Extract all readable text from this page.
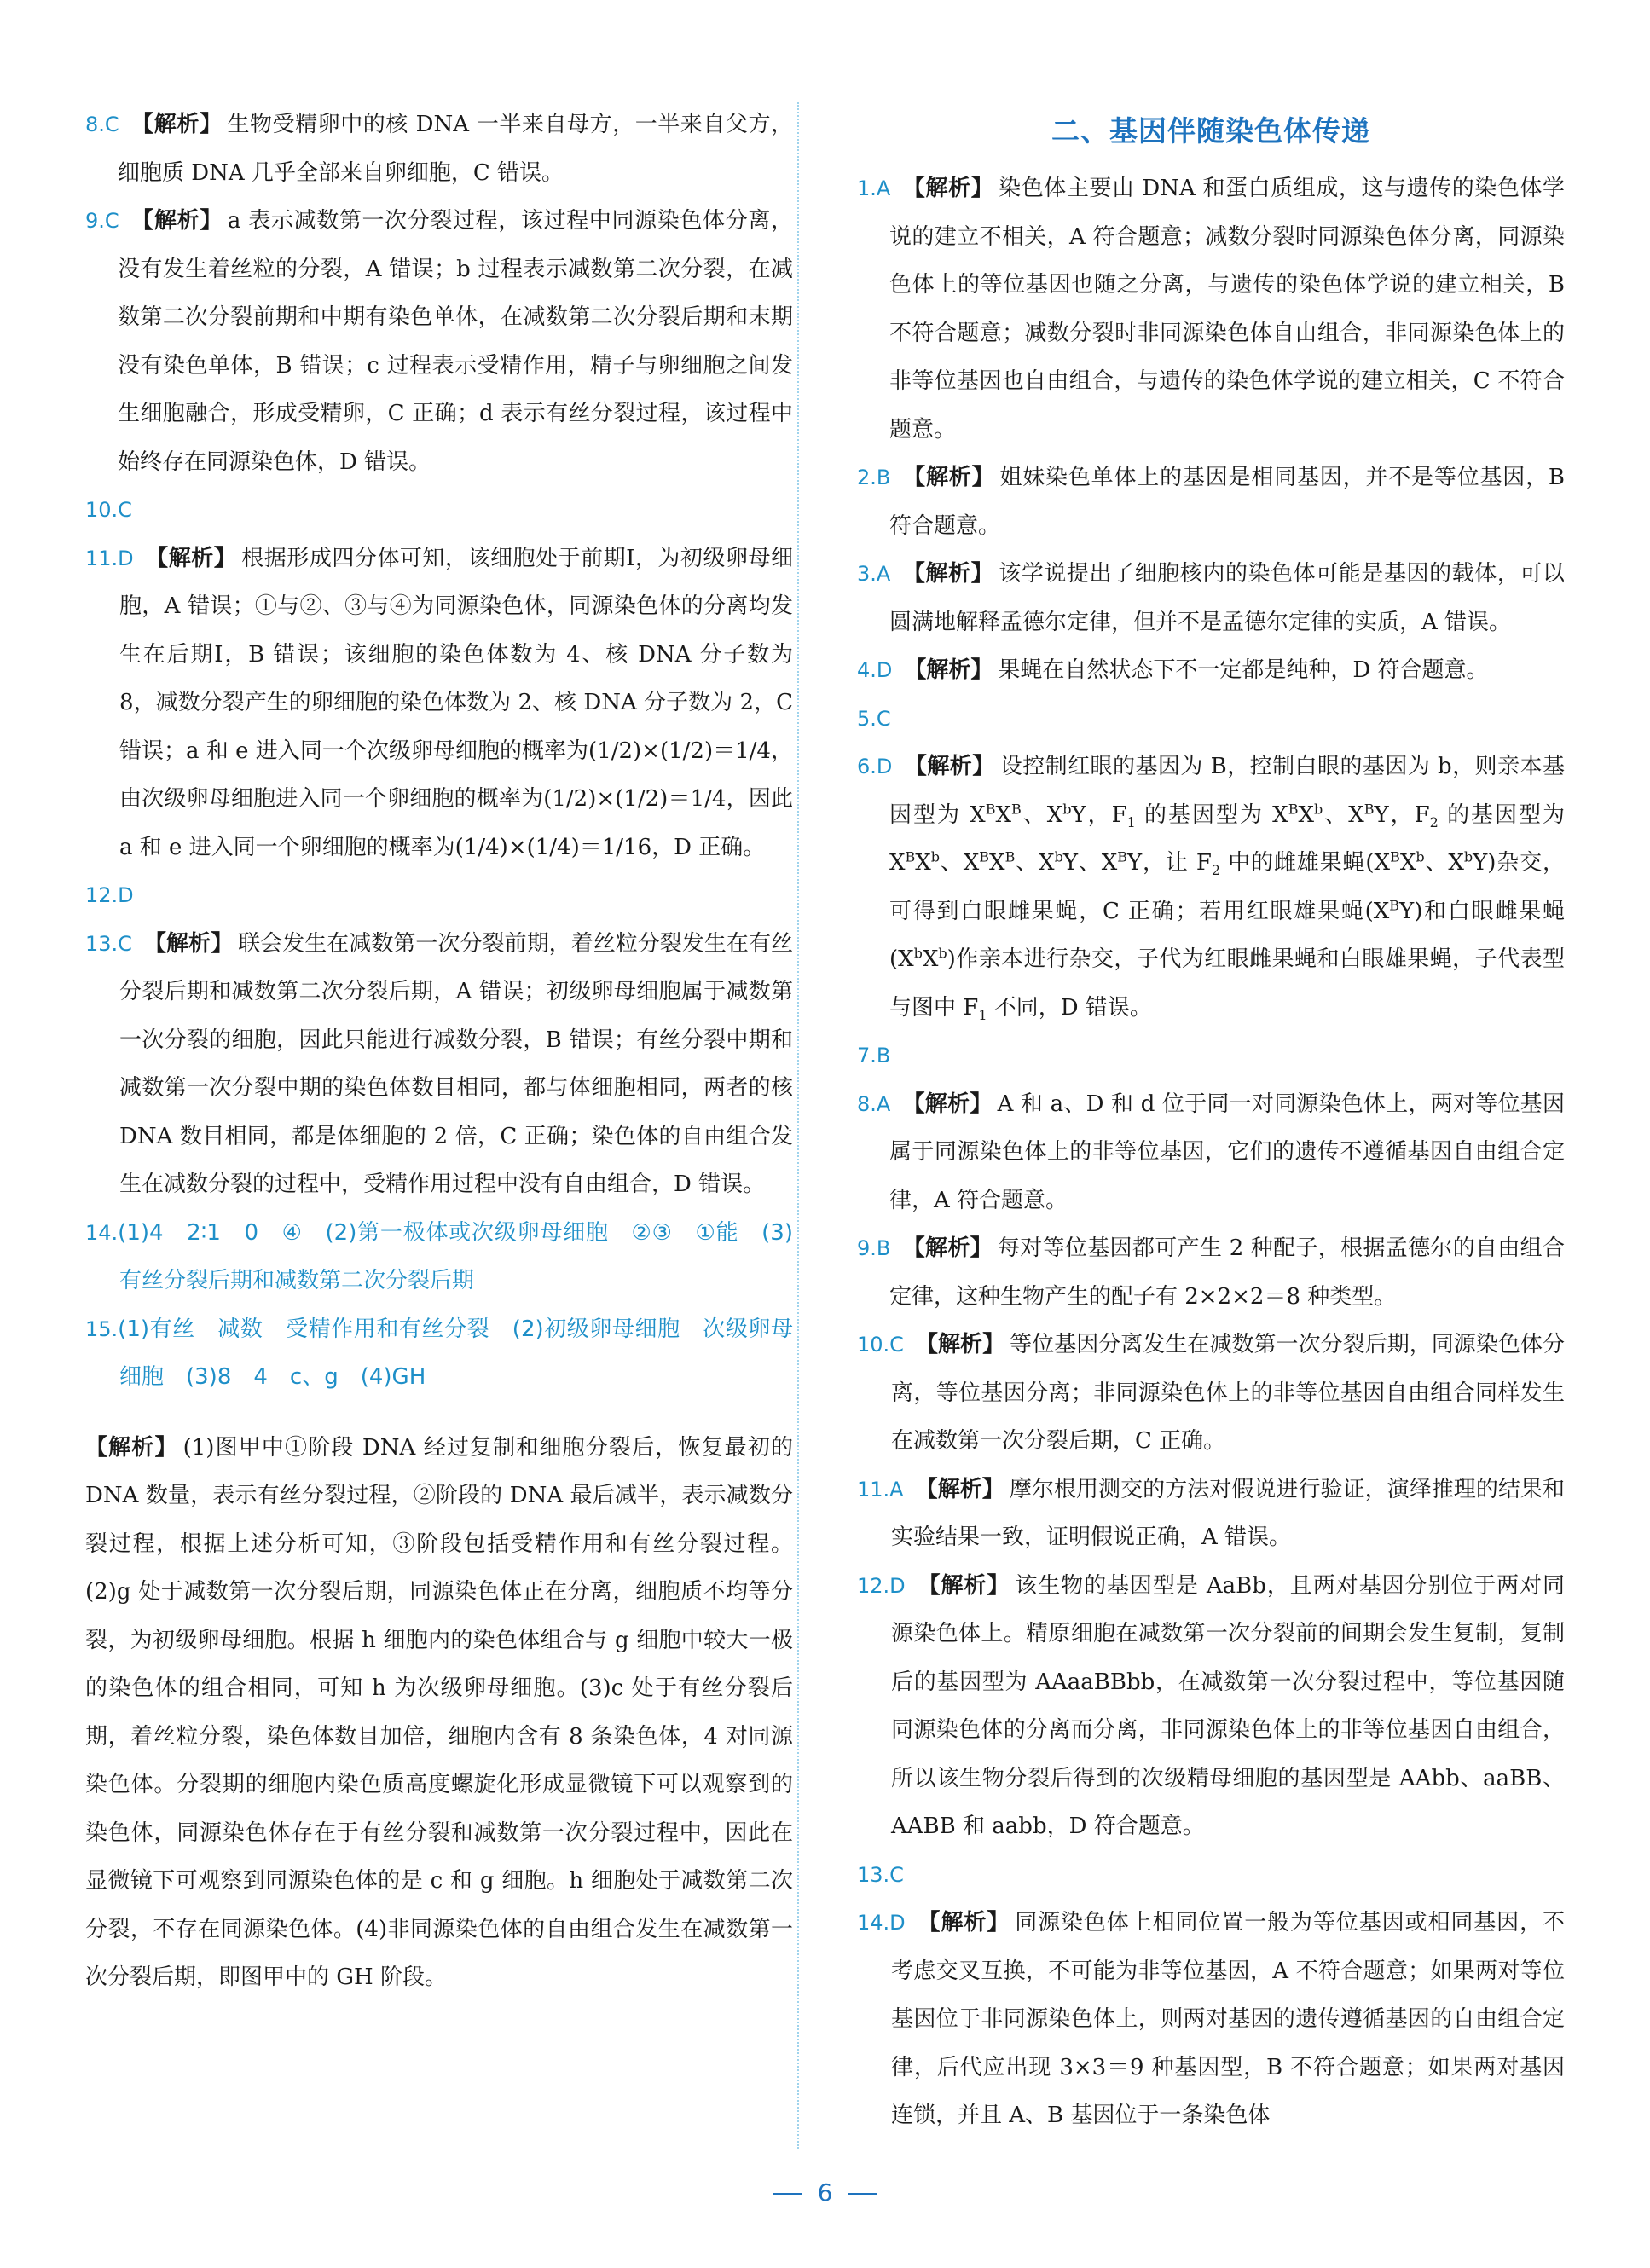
8.C 【解析】 生物受精卵中的核 DNA 一半来自母方，一半来自父方，细胞质 DNA 几乎全部来自卵细胞，C 错误。

9.C 【解析】 a 表示减数第一次分裂过程，该过程中同源染色体分离，没有发生着丝粒的分裂，A 错误；b 过程表示减数第二次分裂，在减数第二次分裂前期和中期有染色单体，在减数第二次分裂后期和末期没有染色单体，B 错误；c 过程表示受精作用，精子与卵细胞之间发生细胞融合，形成受精卵，C 正确；d 表示有丝分裂过程，该过程中始终存在同源染色体，D 错误。

10.C

11.D 【解析】 根据形成四分体可知，该细胞处于前期Ⅰ，为初级卵母细胞，A 错误；①与②、③与④为同源染色体，同源染色体的分离均发生在后期Ⅰ，B 错误；该细胞的染色体数为 4、核 DNA 分子数为 8，减数分裂产生的卵细胞的染色体数为 2、核 DNA 分子数为 2，C 错误；a 和 e 进入同一个次级卵母细胞的概率为(1/2)×(1/2)＝1/4，由次级卵母细胞进入同一个卵细胞的概率为(1/2)×(1/2)＝1/4，因此 a 和 e 进入同一个卵细胞的概率为(1/4)×(1/4)＝1/16，D 正确。

12.D

13.C 【解析】 联会发生在减数第一次分裂前期，着丝粒分裂发生在有丝分裂后期和减数第二次分裂后期，A 错误；初级卵母细胞属于减数第一次分裂的细胞，因此只能进行减数分裂，B 错误；有丝分裂中期和减数第一次分裂中期的染色体数目相同，都与体细胞相同，两者的核 DNA 数目相同，都是体细胞的 2 倍，C 正确；染色体的自由组合发生在减数分裂的过程中，受精作用过程中没有自由组合，D 错误。

14.(1)4　2∶1　0　④　(2)第一极体或次级卵母细胞　②③　①能　(3)有丝分裂后期和减数第二次分裂后期

15.(1)有丝　减数　受精作用和有丝分裂　(2)初级卵母细胞　次级卵母细胞　(3)8　4　c、g　(4)GH

【解析】 (1)图甲中①阶段 DNA 经过复制和细胞分裂后，恢复最初的 DNA 数量，表示有丝分裂过程，②阶段的 DNA 最后减半，表示减数分裂过程，根据上述分析可知，③阶段包括受精作用和有丝分裂过程。(2)g 处于减数第一次分裂后期，同源染色体正在分离，细胞质不均等分裂，为初级卵母细胞。根据 h 细胞内的染色体组合与 g 细胞中较大一极的染色体的组合相同，可知 h 为次级卵母细胞。(3)c 处于有丝分裂后期，着丝粒分裂，染色体数目加倍，细胞内含有 8 条染色体，4 对同源染色体。分裂期的细胞内染色质高度螺旋化形成显微镜下可以观察到的染色体，同源染色体存在于有丝分裂和减数第一次分裂过程中，因此在显微镜下可观察到同源染色体的是 c 和 g 细胞。h 细胞处于减数第二次分裂，不存在同源染色体。(4)非同源染色体的自由组合发生在减数第一次分裂后期，即图甲中的 GH 阶段。

二、基因伴随染色体传递

1.A 【解析】 染色体主要由 DNA 和蛋白质组成，这与遗传的染色体学说的建立不相关，A 符合题意；减数分裂时同源染色体分离，同源染色体上的等位基因也随之分离，与遗传的染色体学说的建立相关，B 不符合题意；减数分裂时非同源染色体自由组合，非同源染色体上的非等位基因也自由组合，与遗传的染色体学说的建立相关，C 不符合题意。

2.B 【解析】 姐妹染色单体上的基因是相同基因，并不是等位基因，B 符合题意。

3.A 【解析】 该学说提出了细胞核内的染色体可能是基因的载体，可以圆满地解释孟德尔定律，但并不是孟德尔定律的实质，A 错误。

4.D 【解析】 果蝇在自然状态下不一定都是纯种，D 符合题意。

5.C

6.D 【解析】 设控制红眼的基因为 B，控制白眼的基因为 b，则亲本基因型为 $X^BX^B$、$X^bY$，$F_1$ 的基因型为 $X^BX^b$、$X^BY$，$F_2$ 的基因型为 $X^BX^b$、$X^BX^B$、$X^bY$、$X^BY$，让 $F_2$ 中的雌雄果蝇($X^BX^b$、$X^bY$)杂交，可得到白眼雌果蝇，C 正确；若用红眼雄果蝇$(X^BY)$和白眼雌果蝇$(X^bX^b)$作亲本进行杂交，子代为红眼雌果蝇和白眼雄果蝇，子代表型与图中 $F_1$ 不同，D 错误。

7.B

8.A 【解析】 A 和 a、D 和 d 位于同一对同源染色体上，两对等位基因属于同源染色体上的非等位基因，它们的遗传不遵循基因自由组合定律，A 符合题意。

9.B 【解析】 每对等位基因都可产生 2 种配子，根据孟德尔的自由组合定律，这种生物产生的配子有 2×2×2＝8 种类型。

10.C 【解析】 等位基因分离发生在减数第一次分裂后期，同源染色体分离，等位基因分离；非同源染色体上的非等位基因自由组合同样发生在减数第一次分裂后期，C 正确。

11.A 【解析】 摩尔根用测交的方法对假说进行验证，演绎推理的结果和实验结果一致，证明假说正确，A 错误。

12.D 【解析】 该生物的基因型是 AaBb，且两对基因分别位于两对同源染色体上。精原细胞在减数第一次分裂前的间期会发生复制，复制后的基因型为 AAaaBBbb，在减数第一次分裂过程中，等位基因随同源染色体的分离而分离，非同源染色体上的非等位基因自由组合，所以该生物分裂后得到的次级精母细胞的基因型是 AAbb、aaBB、AABB 和 aabb，D 符合题意。

13.C

14.D 【解析】 同源染色体上相同位置一般为等位基因或相同基因，不考虑交叉互换，不可能为非等位基因，A 不符合题意；如果两对等位基因位于非同源染色体上，则两对基因的遗传遵循基因的自由组合定律，后代应出现 3×3＝9 种基因型，B 不符合题意；如果两对基因连锁，并且 A、B 基因位于一条染色体

6
